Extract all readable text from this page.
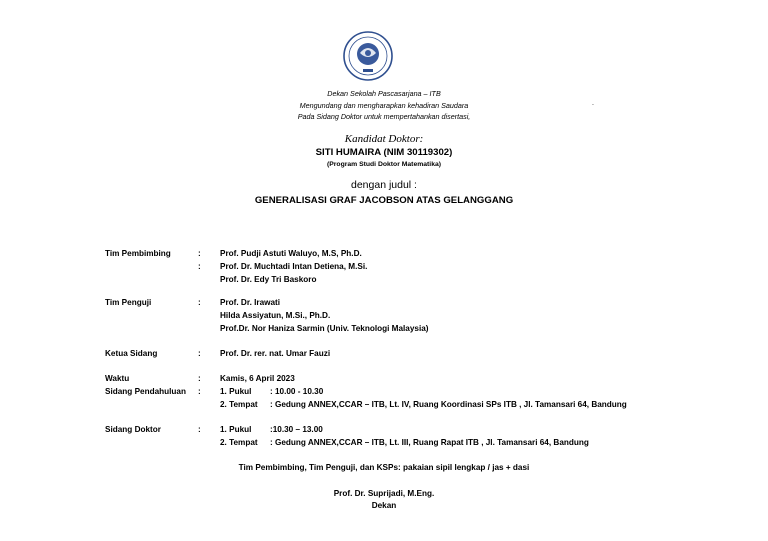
Dekan Sekolah Pascasarjana – ITB
Mengundang dan mengharapkan kehadiran Saudara
Pada Sidang Doktor untuk mempertahankan disertasi,
.
Kandidat Doktor:
SITI HUMAIRA (NIM 30119302)
(Program Studi Doktor Matematika)
dengan judul :
GENERALISASI GRAF JACOBSON ATAS GELANGGANG
Tim Pembimbing	: Prof. Pudji Astuti Waluyo, M.S, Ph.D.
: Prof. Dr. Muchtadi Intan Detiena, M.Si.
Prof. Dr. Edy Tri Baskoro
Tim Penguji	: Prof. Dr. Irawati
Hilda Assiyatun, M.Si., Ph.D.
Prof.Dr. Nor Haniza Sarmin (Univ. Teknologi Malaysia)
Ketua Sidang	: Prof. Dr. rer. nat. Umar Fauzi
Waktu	: Kamis, 6 April 2023
Sidang Pendahuluan : 1. Pukul : 10.00 - 10.30
2. Tempat : Gedung ANNEX,CCAR – ITB, Lt. IV, Ruang Koordinasi SPs ITB , Jl. Tamansari 64, Bandung
Sidang Doktor	: 1. Pukul :10.30 – 13.00
2. Tempat : Gedung ANNEX,CCAR – ITB, Lt. III, Ruang Rapat ITB , Jl. Tamansari 64, Bandung
Tim Pembimbing, Tim Penguji, dan KSPs: pakaian sipil lengkap / jas + dasi
Prof. Dr. Suprijadi, M.Eng.
Dekan
